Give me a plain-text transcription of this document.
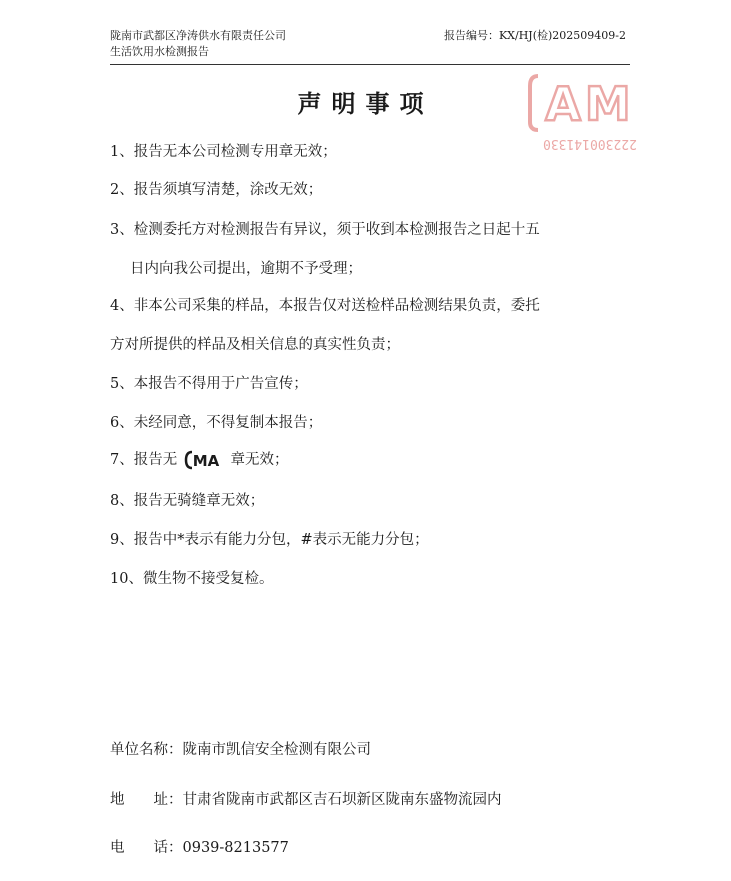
陇南市武都区净涛供水有限责任公司
生活饮用水检测报告
报告编号：KX/HJ(检)202509409-2
AM
222300141330
声明事项
1、报告无本公司检测专用章无效；
2、报告须填写清楚，涂改无效；
3、检测委托方对检测报告有异议，须于收到本检测报告之日起十五
日内向我公司提出，逾期不予受理；
4、非本公司采集的样品，本报告仅对送检样品检测结果负责，委托
方对所提供的样品及相关信息的真实性负责；
5、本报告不得用于广告宣传；
6、未经同意，不得复制本报告；
7、报告无 MA 章无效；
8、报告无骑缝章无效；
9、报告中*表示有能力分包，#表示无能力分包；
10、微生物不接受复检。
单位名称：陇南市凯信安全检测有限公司
地　　址：甘肃省陇南市武都区吉石坝新区陇南东盛物流园内
电　　话：0939-8213577
